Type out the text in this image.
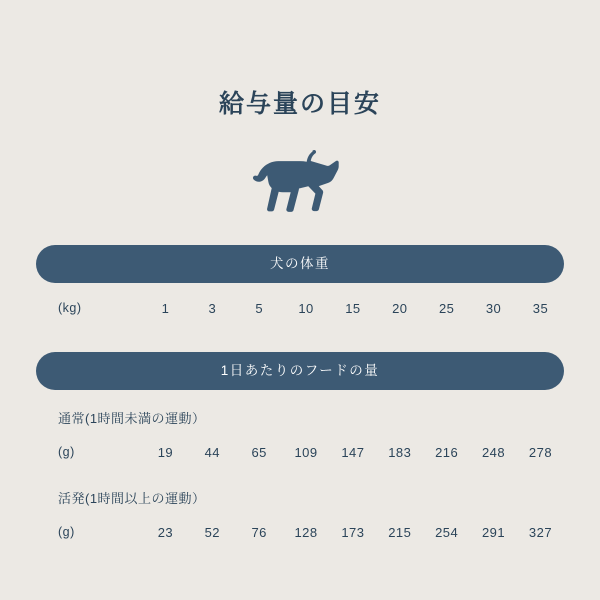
給与量の目安
犬の体重
(kg)	1	3	5	10	15	20	25	30	35
1日あたりのフードの量
通常(1時間未満の運動）
(g)	19	44	65	109	147	183	216	248	278
活発(1時間以上の運動）
(g)	23	52	76	128	173	215	254	291	327
